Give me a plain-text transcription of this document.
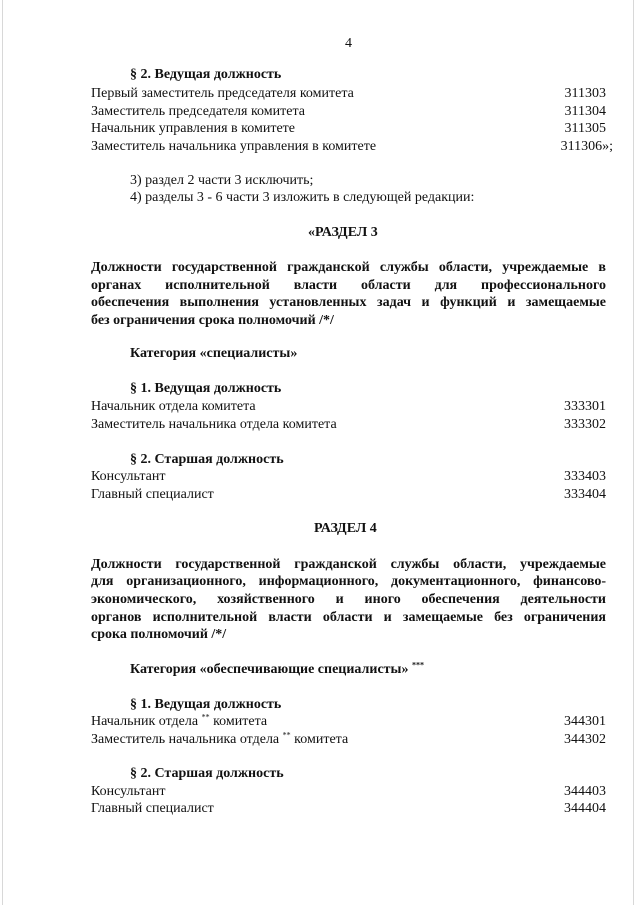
4
§ 2. Ведущая должность
Первый заместитель председателя комитета	311303
Заместитель председателя комитета	311304
Начальник управления в комитете	311305
Заместитель начальника управления в комитете	311306»;
3) раздел 2 части 3 исключить;
4) разделы 3 - 6 части 3 изложить в следующей редакции:
«РАЗДЕЛ 3
Должности государственной гражданской службы области, учреждаемые в
органах исполнительной власти области для профессионального
обеспечения выполнения установленных задач и функций и замещаемые
без ограничения срока полномочий /*/
Категория «специалисты»
§ 1. Ведущая должность
Начальник отдела комитета	333301
Заместитель начальника отдела комитета	333302
§ 2. Старшая должность
Консультант	333403
Главный специалист	333404
РАЗДЕЛ 4
Должности государственной гражданской службы области, учреждаемые
для организационного, информационного, документационного, финансово-
экономического, хозяйственного и иного обеспечения деятельности
органов исполнительной власти области и замещаемые без ограничения
срока полномочий /*/
Категория «обеспечивающие специалисты» ***
§ 1. Ведущая должность
Начальник отдела ** комитета	344301
Заместитель начальника отдела ** комитета	344302
§ 2. Старшая должность
Консультант	344403
Главный специалист	344404
